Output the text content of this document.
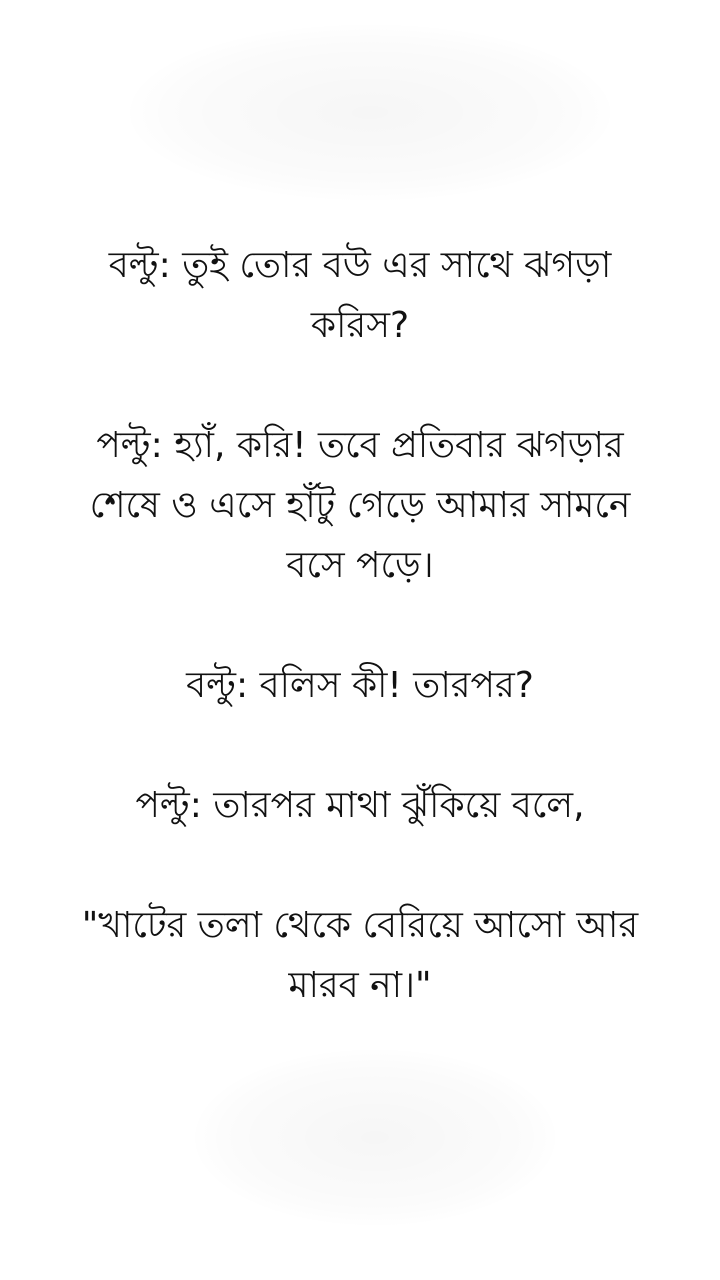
বল্টু: তুই তোর বউ এর সাথে ঝগড়া করিস?

পল্টু: হ্যাঁ, করি! তবে প্রতিবার ঝগড়ার শেষে ও এসে হাঁটু গেড়ে আমার সামনে বসে পড়ে।

বল্টু: বলিস কী! তারপর?

পল্টু: তারপর মাথা ঝুঁকিয়ে বলে,

"খাটের তলা থেকে বেরিয়ে আসো আর মারব না।"
